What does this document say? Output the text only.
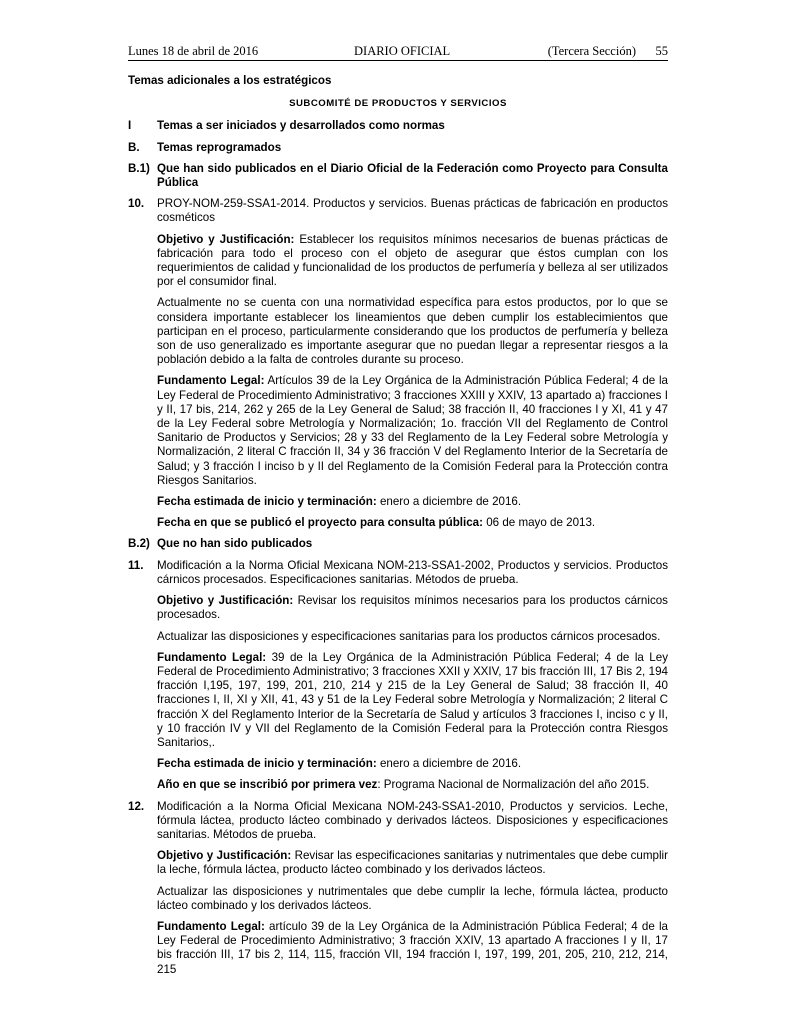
Lunes 18 de abril de 2016	DIARIO OFICIAL	(Tercera Sección) 55

Temas adicionales a los estratégicos

SUBCOMITÉ DE PRODUCTOS Y SERVICIOS

I Temas a ser iniciados y desarrollados como normas
B. Temas reprogramados
B.1) Que han sido publicados en el Diario Oficial de la Federación como Proyecto para Consulta Pública
10. PROY-NOM-259-SSA1-2014. Productos y servicios. Buenas prácticas de fabricación en productos cosméticos

Objetivo y Justificación: Establecer los requisitos mínimos necesarios de buenas prácticas de fabricación para todo el proceso con el objeto de asegurar que éstos cumplan con los requerimientos de calidad y funcionalidad de los productos de perfumería y belleza al ser utilizados por el consumidor final.

Actualmente no se cuenta con una normatividad específica para estos productos, por lo que se considera importante establecer los lineamientos que deben cumplir los establecimientos que participan en el proceso, particularmente considerando que los productos de perfumería y belleza son de uso generalizado es importante asegurar que no puedan llegar a representar riesgos a la población debido a la falta de controles durante su proceso.

Fundamento Legal: Artículos 39 de la Ley Orgánica de la Administración Pública Federal; 4 de la Ley Federal de Procedimiento Administrativo; 3 fracciones XXIII y XXIV, 13 apartado a) fracciones I y II, 17 bis, 214, 262 y 265 de la Ley General de Salud; 38 fracción II, 40 fracciones I y XI, 41 y 47 de la Ley Federal sobre Metrología y Normalización; 1o. fracción VII del Reglamento de Control Sanitario de Productos y Servicios; 28 y 33 del Reglamento de la Ley Federal sobre Metrología y Normalización, 2 literal C fracción II, 34 y 36 fracción V del Reglamento Interior de la Secretaría de Salud; y 3 fracción I inciso b y II del Reglamento de la Comisión Federal para la Protección contra Riesgos Sanitarios.

Fecha estimada de inicio y terminación: enero a diciembre de 2016.

Fecha en que se publicó el proyecto para consulta pública: 06 de mayo de 2013.

B.2) Que no han sido publicados
11. Modificación a la Norma Oficial Mexicana NOM-213-SSA1-2002, Productos y servicios. Productos cárnicos procesados. Especificaciones sanitarias. Métodos de prueba.

Objetivo y Justificación: Revisar los requisitos mínimos necesarios para los productos cárnicos procesados.

Actualizar las disposiciones y especificaciones sanitarias para los productos cárnicos procesados.

Fundamento Legal: 39 de la Ley Orgánica de la Administración Pública Federal; 4 de la Ley Federal de Procedimiento Administrativo; 3 fracciones XXII y XXIV, 17 bis fracción III, 17 Bis 2, 194 fracción I,195, 197, 199, 201, 210, 214 y 215 de la Ley General de Salud; 38 fracción II, 40 fracciones I, II, XI y XII, 41, 43 y 51 de la Ley Federal sobre Metrología y Normalización; 2 literal C fracción X del Reglamento Interior de la Secretaría de Salud y artículos 3 fracciones I, inciso c y II, y 10 fracción IV y VII del Reglamento de la Comisión Federal para la Protección contra Riesgos Sanitarios,.

Fecha estimada de inicio y terminación: enero a diciembre de 2016.

Año en que se inscribió por primera vez: Programa Nacional de Normalización del año 2015.

12. Modificación a la Norma Oficial Mexicana NOM-243-SSA1-2010, Productos y servicios. Leche, fórmula láctea, producto lácteo combinado y derivados lácteos. Disposiciones y especificaciones sanitarias. Métodos de prueba.

Objetivo y Justificación: Revisar las especificaciones sanitarias y nutrimentales que debe cumplir la leche, fórmula láctea, producto lácteo combinado y los derivados lácteos.

Actualizar las disposiciones y nutrimentales que debe cumplir la leche, fórmula láctea, producto lácteo combinado y los derivados lácteos.

Fundamento Legal: artículo 39 de la Ley Orgánica de la Administración Pública Federal; 4 de la Ley Federal de Procedimiento Administrativo; 3 fracción XXIV, 13 apartado A fracciones I y II, 17 bis fracción III, 17 bis 2, 114, 115, fracción VII, 194 fracción I, 197, 199, 201, 205, 210, 212, 214, 215
